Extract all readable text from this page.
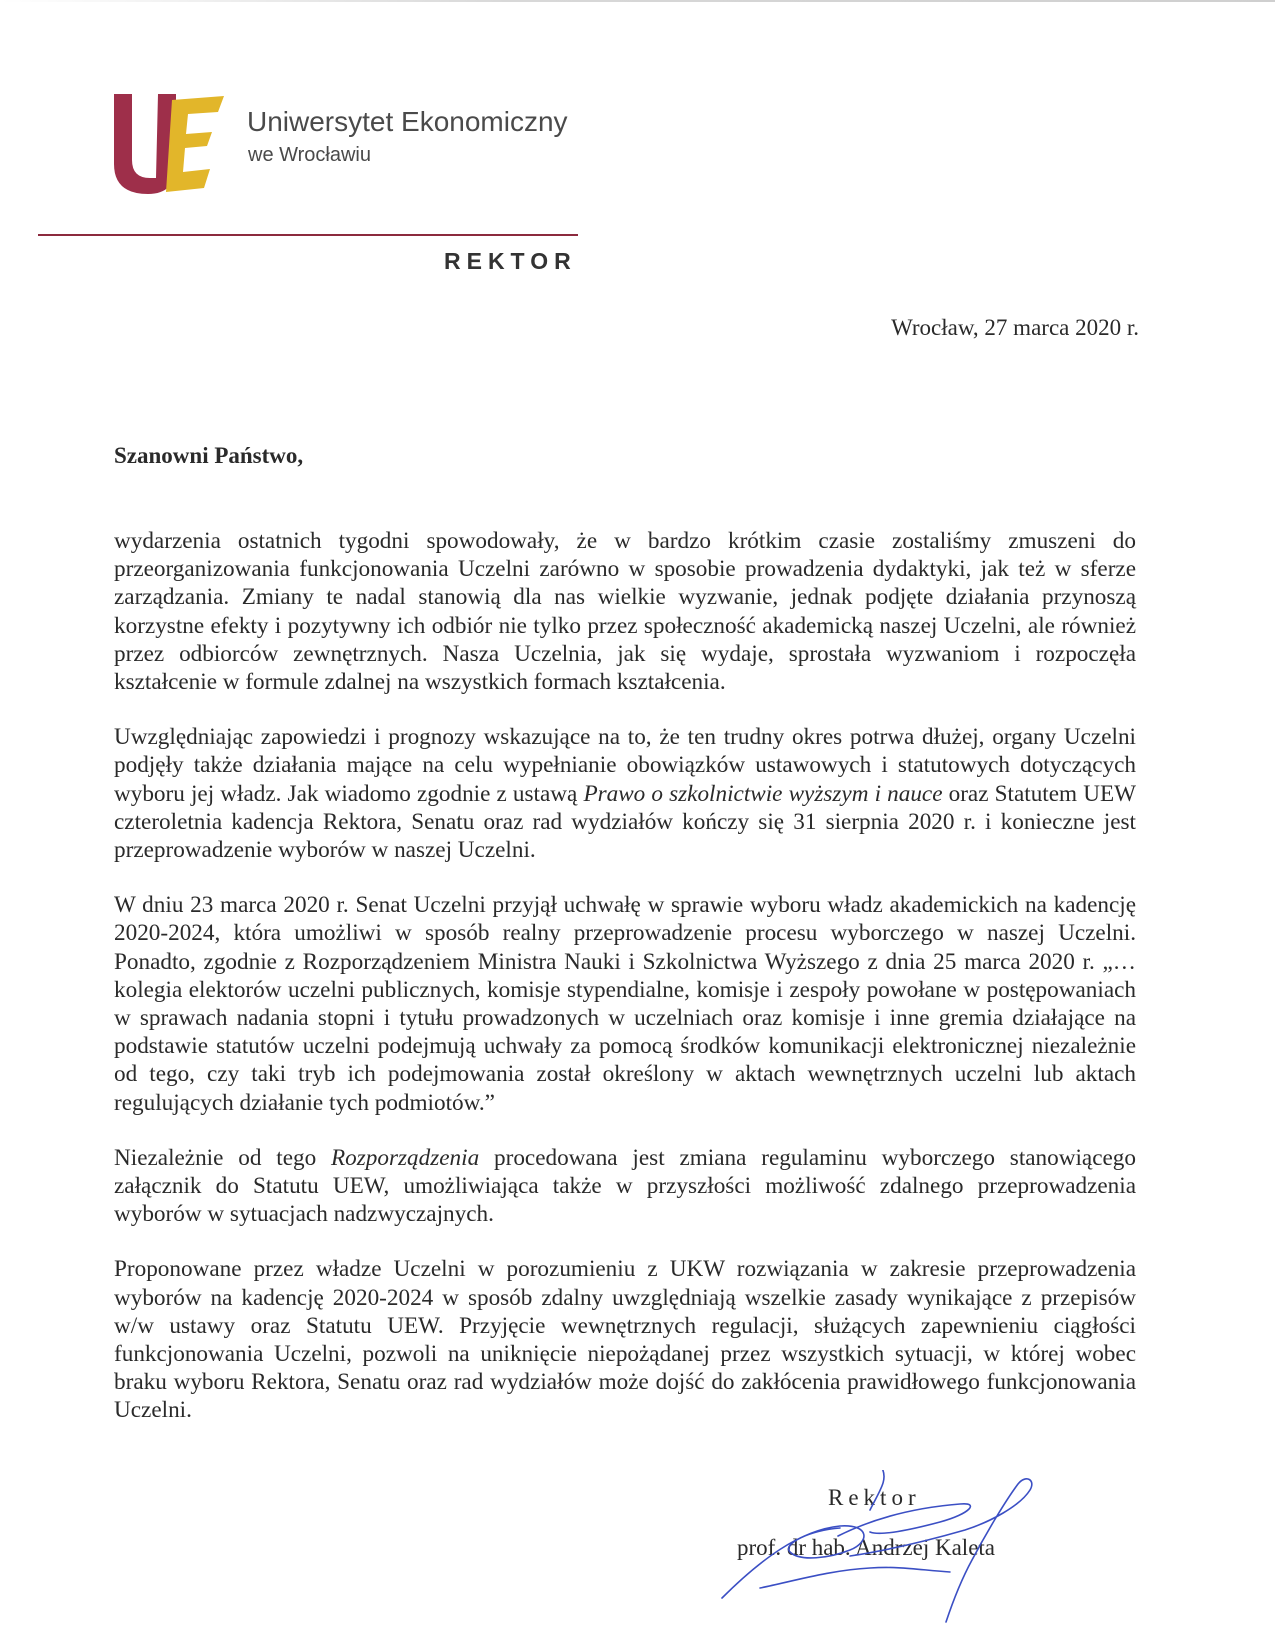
Uniwersytet Ekonomiczny

we Wrocławiu

REKTOR

Wrocław, 27 marca 2020 r.

Szanowni Państwo,

wydarzenia ostatnich tygodni spowodowały, że w bardzo krótkim czasie zostaliśmy zmuszeni do przeorganizowania funkcjonowania Uczelni zarówno w sposobie prowadzenia dydaktyki, jak też w sferze zarządzania. Zmiany te nadal stanowią dla nas wielkie wyzwanie, jednak podjęte działania przynoszą korzystne efekty i pozytywny ich odbiór nie tylko przez społeczność akademicką naszej Uczelni, ale również przez odbiorców zewnętrznych. Nasza Uczelnia, jak się wydaje, sprostała wyzwaniom i rozpoczęła kształcenie w formule zdalnej na wszystkich formach kształcenia.

Uwzględniając zapowiedzi i prognozy wskazujące na to, że ten trudny okres potrwa dłużej, organy Uczelni podjęły także działania mające na celu wypełnianie obowiązków ustawowych i statutowych dotyczących wyboru jej władz. Jak wiadomo zgodnie z ustawą Prawo o szkolnictwie wyższym i nauce oraz Statutem UEW czteroletnia kadencja Rektora, Senatu oraz rad wydziałów kończy się 31 sierpnia 2020 r. i konieczne jest przeprowadzenie wyborów w naszej Uczelni.

W dniu 23 marca 2020 r. Senat Uczelni przyjął uchwałę w sprawie wyboru władz akademickich na kadencję 2020-2024, która umożliwi w sposób realny przeprowadzenie procesu wyborczego w naszej Uczelni. Ponadto, zgodnie z Rozporządzeniem Ministra Nauki i Szkolnictwa Wyższego z dnia 25 marca 2020 r. „… kolegia elektorów uczelni publicznych, komisje stypendialne, komisje i zespoły powołane w postępowaniach w sprawach nadania stopni i tytułu prowadzonych w uczelniach oraz komisje i inne gremia działające na podstawie statutów uczelni podejmują uchwały za pomocą środków komunikacji elektronicznej niezależnie od tego, czy taki tryb ich podejmowania został określony w aktach wewnętrznych uczelni lub aktach regulujących działanie tych podmiotów.”

Niezależnie od tego Rozporządzenia procedowana jest zmiana regulaminu wyborczego stanowiącego załącznik do Statutu UEW, umożliwiająca także w przyszłości możliwość zdalnego przeprowadzenia wyborów w sytuacjach nadzwyczajnych.

Proponowane przez władze Uczelni w porozumieniu z UKW rozwiązania w zakresie przeprowadzenia wyborów na kadencję 2020-2024 w sposób zdalny uwzględniają wszelkie zasady wynikające z przepisów w/w ustawy oraz Statutu UEW. Przyjęcie wewnętrznych regulacji, służących zapewnieniu ciągłości funkcjonowania Uczelni, pozwoli na uniknięcie niepożądanej przez wszystkich sytuacji, w której wobec braku wyboru Rektora, Senatu oraz rad wydziałów może dojść do zakłócenia prawidłowego funkcjonowania Uczelni.

Rektor

prof. dr hab. Andrzej Kaleta
